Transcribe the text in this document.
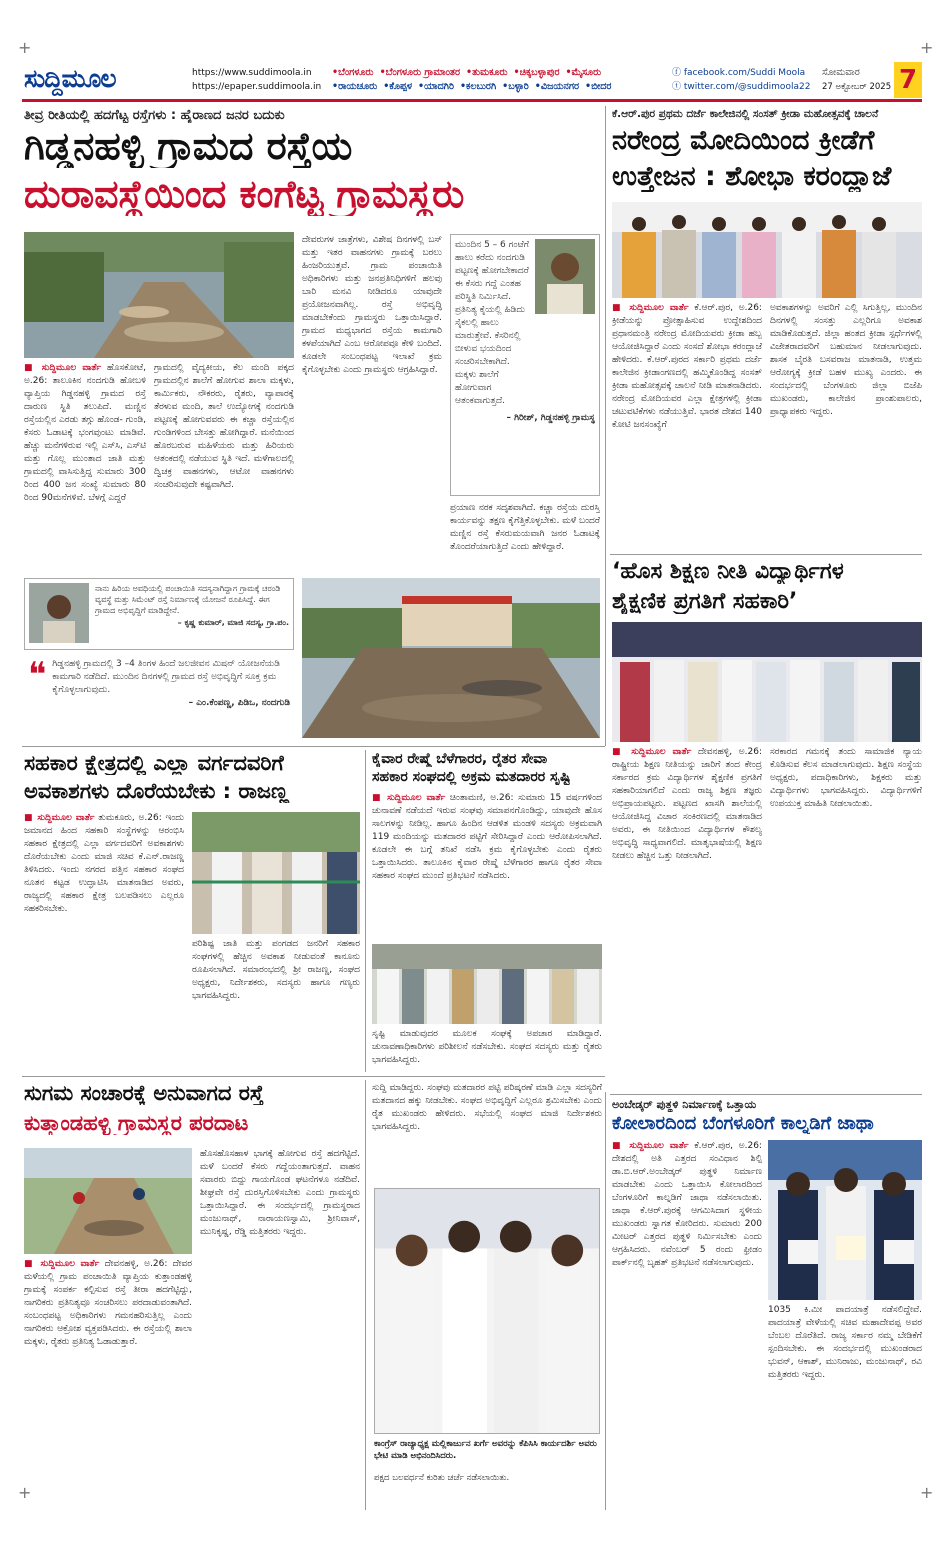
+	+
+	+
ಸುದ್ದಿಮೂಲ	https://www.suddimoola.in
https://epaper.suddimoola.in
•ಬೆಂಗಳೂರು •ಬೆಂಗಳೂರು ಗ್ರಾಮಾಂತರ •ತುಮಕೂರು •ಚಿಕ್ಕಬಳ್ಳಾಪುರ •ಮೈಸೂರು
•ರಾಯಚೂರು •ಕೊಪ್ಪಳ •ಯಾದಗಿರಿ •ಕಲಬುರಗಿ •ಬಳ್ಳಾರಿ •ವಿಜಯನಗರ •ಬೀದರ
ⓕ facebook.com/Suddi Moola
ⓣ twitter.com/@suddimoola22
ಸೋಮವಾರ
27 ಅಕ್ಟೋಬರ್ 2025 7
ತೀವ್ರ ರೀತಿಯಲ್ಲಿ ಹದಗೆಟ್ಟ ರಸ್ತೆಗಳು : ಹೈರಾಣದ ಜನರ ಬದುಕು
ಗಿಡ್ಡನಹಳ್ಳಿ ಗ್ರಾಮದ ರಸ್ತೆಯ
ದುರಾವಸ್ಥೆಯಿಂದ ಕಂಗೆಟ್ಟ ಗ್ರಾಮಸ್ಥರು
■ ಸುದ್ದಿಮೂಲ ವಾರ್ತೆ ಹೊಸಕೋಟೆ, ಅ.26: ತಾಲೂಕಿನ ನಂದಗುಡಿ ಹೋಬಳಿ ವ್ಯಾಪ್ತಿಯ ಗಿಡ್ಡನಹಳ್ಳಿ ಗ್ರಾಮದ ರಸ್ತೆ ದಾರುಣ ಸ್ಥಿತಿ ತಲುಪಿದೆ. ಮಣ್ಣಿನ ರಸ್ತೆಯಲ್ಲಿನ ಎರಡು ತಗ್ಗು ಹೊಂಡ- ಗುಂಡಿ, ಕೆಸರು ಓಡಾಟಕ್ಕೆ ಭಂಗವುಂಟು ಮಾಡಿವೆ. ಹೆಚ್ಚು ಮನೆಗಳಿರುವ ಇಲ್ಲಿ ಎಸ್‌ಸಿ, ಎಸ್‌ಟಿ ಮತ್ತು ಗೊಲ್ಲ ಮುಂತಾದ ಜಾತಿ ಮತ್ತು ಗ್ರಾಮದಲ್ಲಿ ವಾಸಿಸುತ್ತಿದ್ದ ಸುಮಾರು 300 ರಿಂದ 400 ಜನ ಸಂಖ್ಯೆ ಸುಮಾರು 80 ರಿಂದ 90ಮನೆಗಳಿವೆ. ಬೆಳಗ್ಗೆ ಎದ್ದರೆ
ಗ್ರಾಮದಲ್ಲಿ ವೈದ್ಯಕೀಯ, ಕೆಲ ಮಂದಿ ಪಕ್ಕದ ಗ್ರಾಮದಲ್ಲಿನ ಶಾಲೆಗೆ ಹೋಗುವ ಶಾಲಾ ಮಕ್ಕಳು, ಕಾರ್ಮಿಕರು, ನೌಕರರು, ರೈತರು, ವ್ಯಾಪಾರಕ್ಕೆ ತೆರಳುವ ಮಂದಿ, ತಾಲೆ ಉದ್ಯೋಗಕ್ಕೆ ನಂದಗುಡಿ ಪಟ್ಟಣಕ್ಕೆ ಹೋಗುವವರು ಈ ಕಚ್ಚಾ ರಸ್ತೆಯಲ್ಲಿನ ಗುಂಡಿಗಳಿಂದ ಬೇಸತ್ತು ಹೋಗಿದ್ದಾರೆ. ಮನೆಯಿಂದ ಹೊರಬರುವ ಮಹಿಳೆಯರು ಮತ್ತು ಹಿರಿಯರು ಆತಂಕದಲ್ಲಿ ನಡೆಯುವ ಸ್ಥಿತಿ ಇದೆ. ಮಳೆಗಾಲದಲ್ಲಿ ದ್ವಿಚಕ್ರ ವಾಹನಗಳು, ಆಟೋ ವಾಹನಗಳು ಸಂಚರಿಸುವುದೇ ಕಷ್ಟವಾಗಿದೆ.
ದೇವರುಗಳ ಜಾತ್ರೆಗಳು, ವಿಶೇಷ ದಿನಗಳಲ್ಲಿ ಬಸ್ ಮತ್ತು ಇತರ ವಾಹನಗಳು ಗ್ರಾಮಕ್ಕೆ ಬರಲು ಹಿಂಜರಿಯುತ್ತವೆ. ಗ್ರಾಮ ಪಂಚಾಯಿತಿ ಅಧಿಕಾರಿಗಳು ಮತ್ತು ಜನಪ್ರತಿನಿಧಿಗಳಿಗೆ ಹಲವು ಬಾರಿ ಮನವಿ ನೀಡಿದರೂ ಯಾವುದೇ ಪ್ರಯೋಜನವಾಗಿಲ್ಲ. ರಸ್ತೆ ಅಭಿವೃದ್ಧಿ ಮಾಡಬೇಕೆಂದು ಗ್ರಾಮಸ್ಥರು ಒತ್ತಾಯಿಸಿದ್ದಾರೆ. ಗ್ರಾಮದ ಮಧ್ಯಭಾಗದ ರಸ್ತೆಯ ಕಾಮಗಾರಿ ಕಳಪೆಯಾಗಿದೆ ಎಂಬ ಆರೋಪವೂ ಕೇಳಿ ಬಂದಿದೆ. ಕೂಡಲೇ ಸಂಬಂಧಪಟ್ಟ ಇಲಾಖೆ ಕ್ರಮ ಕೈಗೊಳ್ಳಬೇಕು ಎಂದು ಗ್ರಾಮಸ್ಥರು ಆಗ್ರಹಿಸಿದ್ದಾರೆ.
ಮುಂದಿನ 5 – 6 ಗಂಟೆಗೆ ಹಾಲು ಕರೆದು ನಂದಗುಡಿ ಪಟ್ಟಣಕ್ಕೆ ಹೋಗಬೇಕಾದರೆ ಈ ಕೆಸರು ಗದ್ದೆ ಎಂತಹ ಪರಿಸ್ಥಿತಿ ನಿರ್ಮಿಸಿದೆ. ಪ್ರತಿನಿತ್ಯ ಕೈಯಲ್ಲಿ ಹಿಡಿದು ಸೈಕಲಲ್ಲಿ ಹಾಲು ಮಾರುತ್ತೇವೆ. ಕೆಸರಿನಲ್ಲಿ ಬೀಳುವ ಭಯದಿಂದ ಸಂಚರಿಸಬೇಕಾಗಿದೆ. ಮಕ್ಕಳು ಶಾಲೆಗೆ ಹೋಗುವಾಗ ಆತಂಕವಾಗುತ್ತದೆ.
– ಗಿರೀಶ್, ಗಿಡ್ಡನಹಳ್ಳಿ ಗ್ರಾಮಸ್ಥ
ಪ್ರಯಾಣ ನರಕ ಸದೃಶವಾಗಿದೆ. ಕಚ್ಚಾ ರಸ್ತೆಯ ದುರಸ್ತಿ ಕಾರ್ಯವನ್ನು ತಕ್ಷಣ ಕೈಗೆತ್ತಿಕೊಳ್ಳಬೇಕು. ಮಳೆ ಬಂದರೆ ಮಣ್ಣಿನ ರಸ್ತೆ ಕೆಸರುಮಯವಾಗಿ ಜನರ ಓಡಾಟಕ್ಕೆ ತೊಂದರೆಯಾಗುತ್ತಿದೆ ಎಂದು ಹೇಳಿದ್ದಾರೆ.
ನಾನು ಹಿರಿಯ ಅವಧಿಯಲ್ಲಿ ಪಂಚಾಯಿತಿ ಸದಸ್ಯನಾಗಿದ್ದಾಗ ಗ್ರಾಮಕ್ಕೆ ಚರಂಡಿ ವ್ಯವಸ್ಥೆ ಮತ್ತು ಸಿಮೆಂಟ್ ರಸ್ತೆ ನಿರ್ಮಾಣಕ್ಕೆ ಯೋಜನೆ ರೂಪಿಸಿದ್ದೆ. ಈಗ ಗ್ರಾಮದ ಅಭಿವೃದ್ಧಿಗೆ ಮಾಡಿದ್ದೇನೆ.
– ಕೃಷ್ಣ ಕುಮಾರ್, ಮಾಜಿ ಸದಸ್ಯ, ಗ್ರಾ.ಪಂ.
❝ ಗಿಡ್ಡನಹಳ್ಳಿ ಗ್ರಾಮದಲ್ಲಿ 3 –4 ತಿಂಗಳ ಹಿಂದೆ ಜಲಜೀವನ ಮಿಷನ್ ಯೋಜನೆಯಡಿ ಕಾಮಗಾರಿ ನಡೆದಿದೆ. ಮುಂದಿನ ದಿನಗಳಲ್ಲಿ ಗ್ರಾಮದ ರಸ್ತೆ ಅಭಿವೃದ್ಧಿಗೆ ಸೂಕ್ತ ಕ್ರಮ ಕೈಗೊಳ್ಳಲಾಗುವುದು.
– ಎಂ.ಕೆಂಪಣ್ಣ, ಪಿಡಿಒ, ನಂದಗುಡಿ
ಕೆ.ಆರ್.ಪುರ ಪ್ರಥಮ ದರ್ಜೆ ಕಾಲೇಜಿನಲ್ಲಿ ಸಂಸತ್ ಕ್ರೀಡಾ ಮಹೋತ್ಸವಕ್ಕೆ ಚಾಲನೆ
ನರೇಂದ್ರ ಮೋದಿಯಿಂದ ಕ್ರೀಡೆಗೆ
ಉತ್ತೇಜನ : ಶೋಭಾ ಕರಂದ್ಲಾಜೆ
■ ಸುದ್ದಿಮೂಲ ವಾರ್ತೆ ಕೆ.ಆರ್.ಪುರ, ಅ.26: ಕ್ರೀಡೆಯನ್ನು ಪ್ರೋತ್ಸಾಹಿಸುವ ಉದ್ದೇಶದಿಂದ ಪ್ರಧಾನಮಂತ್ರಿ ನರೇಂದ್ರ ಮೋದಿಯವರು ಕ್ರೀಡಾ ಹಬ್ಬ ಆಯೋಜಿಸಿದ್ದಾರೆ ಎಂದು ಸಂಸದೆ ಶೋಭಾ ಕರಂದ್ಲಾಜೆ ಹೇಳಿದರು. ಕೆ.ಆರ್.ಪುರದ ಸರ್ಕಾರಿ ಪ್ರಥಮ ದರ್ಜೆ ಕಾಲೇಜಿನ ಕ್ರೀಡಾಂಗಣದಲ್ಲಿ ಹಮ್ಮಿಕೊಂಡಿದ್ದ ಸಂಸತ್ ಕ್ರೀಡಾ ಮಹೋತ್ಸವಕ್ಕೆ ಚಾಲನೆ ನೀಡಿ ಮಾತನಾಡಿದರು. ನರೇಂದ್ರ ಮೋದಿಯವರ ಎಲ್ಲಾ ಕ್ಷೇತ್ರಗಳಲ್ಲಿ ಕ್ರೀಡಾ ಚಟುವಟಿಕೆಗಳು ನಡೆಯುತ್ತಿವೆ. ಭಾರತ ದೇಶದ 140 ಕೋಟಿ ಜನಸಂಖ್ಯೆಗೆ
ಅವಕಾಶಗಳನ್ನು ಅವರಿಗೆ ಎಲ್ಲಿ ಸಿಗುತ್ತಿಲ್ಲ, ಮುಂದಿನ ದಿನಗಳಲ್ಲಿ ಸಂಸತ್ತು ಎಲ್ಲರಿಗೂ ಅವಕಾಶ ಮಾಡಿಕೊಡುತ್ತದೆ. ಜಿಲ್ಲಾ ಹಂತದ ಕ್ರೀಡಾ ಸ್ಪರ್ಧೆಗಳಲ್ಲಿ ವಿಜೇತರಾದವರಿಗೆ ಬಹುಮಾನ ನೀಡಲಾಗುವುದು. ಶಾಸಕ ಬೈರತಿ ಬಸವರಾಜ ಮಾತನಾಡಿ, ಉತ್ತಮ ಆರೋಗ್ಯಕ್ಕೆ ಕ್ರೀಡೆ ಬಹಳ ಮುಖ್ಯ ಎಂದರು. ಈ ಸಂದರ್ಭದಲ್ಲಿ ಬೆಂಗಳೂರು ಜಿಲ್ಲಾ ಬಿಜೆಪಿ ಮುಖಂಡರು, ಕಾಲೇಜಿನ ಪ್ರಾಂಶುಪಾಲರು, ಪ್ರಾಧ್ಯಾಪಕರು ಇದ್ದರು.
‘ಹೊಸ ಶಿಕ್ಷಣ ನೀತಿ ವಿದ್ಯಾರ್ಥಿಗಳ
ಶೈಕ್ಷಣಿಕ ಪ್ರಗತಿಗೆ ಸಹಕಾರಿ’
■ ಸುದ್ದಿಮೂಲ ವಾರ್ತೆ ದೇವನಹಳ್ಳಿ, ಅ.26: ರಾಷ್ಟ್ರೀಯ ಶಿಕ್ಷಣ ನೀತಿಯನ್ನು ಜಾರಿಗೆ ತಂದ ಕೇಂದ್ರ ಸರ್ಕಾರದ ಕ್ರಮ ವಿದ್ಯಾರ್ಥಿಗಳ ಶೈಕ್ಷಣಿಕ ಪ್ರಗತಿಗೆ ಸಹಕಾರಿಯಾಗಲಿದೆ ಎಂದು ರಾಜ್ಯ ಶಿಕ್ಷಣ ತಜ್ಞರು ಅಭಿಪ್ರಾಯಪಟ್ಟರು. ಪಟ್ಟಣದ ಖಾಸಗಿ ಶಾಲೆಯಲ್ಲಿ ಆಯೋಜಿಸಿದ್ದ ವಿಚಾರ ಸಂಕಿರಣದಲ್ಲಿ ಮಾತನಾಡಿದ ಅವರು, ಈ ನೀತಿಯಿಂದ ವಿದ್ಯಾರ್ಥಿಗಳ ಕೌಶಲ್ಯ ಅಭಿವೃದ್ಧಿ ಸಾಧ್ಯವಾಗಲಿದೆ. ಮಾತೃಭಾಷೆಯಲ್ಲಿ ಶಿಕ್ಷಣ ನೀಡಲು ಹೆಚ್ಚಿನ ಒತ್ತು ನೀಡಲಾಗಿದೆ.
ಸರಕಾರದ ಗಮನಕ್ಕೆ ತಂದು ಸಾಮಾಜಿಕ ನ್ಯಾಯ ಕೊಡಿಸುವ ಕೆಲಸ ಮಾಡಲಾಗುವುದು. ಶಿಕ್ಷಣ ಸಂಸ್ಥೆಯ ಅಧ್ಯಕ್ಷರು, ಪದಾಧಿಕಾರಿಗಳು, ಶಿಕ್ಷಕರು ಮತ್ತು ವಿದ್ಯಾರ್ಥಿಗಳು ಭಾಗವಹಿಸಿದ್ದರು. ವಿದ್ಯಾರ್ಥಿಗಳಿಗೆ ಉಪಯುಕ್ತ ಮಾಹಿತಿ ನೀಡಲಾಯಿತು.
ಸಹಕಾರ ಕ್ಷೇತ್ರದಲ್ಲಿ ಎಲ್ಲಾ ವರ್ಗದವರಿಗೆ
ಅವಕಾಶಗಳು ದೊರೆಯಬೇಕು : ರಾಜಣ್ಣ
■ ಸುದ್ದಿಮೂಲ ವಾರ್ತೆ ತುಮಕೂರು, ಅ.26: ಇಂದು ಜಮಾನದ ಹಿಂದ ಸಹಕಾರಿ ಸಂಸ್ಥೆಗಳನ್ನು ಆರಂಭಿಸಿ ಸಹಕಾರ ಕ್ಷೇತ್ರದಲ್ಲಿ ಎಲ್ಲಾ ವರ್ಗದವರಿಗೆ ಅವಕಾಶಗಳು ದೊರೆಯಬೇಕು ಎಂದು ಮಾಜಿ ಸಚಿವ ಕೆ.ಎನ್.ರಾಜಣ್ಣ ತಿಳಿಸಿದರು. ಇಂದು ನಗರದ ಪತ್ತಿನ ಸಹಕಾರ ಸಂಘದ ನೂತನ ಕಟ್ಟಡ ಉದ್ಘಾಟಿಸಿ ಮಾತನಾಡಿದ ಅವರು, ರಾಜ್ಯದಲ್ಲಿ ಸಹಕಾರ ಕ್ಷೇತ್ರ ಬಲಪಡಿಸಲು ಎಲ್ಲರೂ ಸಹಕರಿಸಬೇಕು.
ಪರಿಶಿಷ್ಟ ಜಾತಿ ಮತ್ತು ಪಂಗಡದ ಜನರಿಗೆ ಸಹಕಾರ ಸಂಘಗಳಲ್ಲಿ ಹೆಚ್ಚಿನ ಅವಕಾಶ ನೀಡುವಂತೆ ಕಾನೂನು ರೂಪಿಸಲಾಗಿದೆ. ಸಮಾರಂಭದಲ್ಲಿ ಶ್ರೀ ರಾಜಣ್ಣ, ಸಂಘದ ಅಧ್ಯಕ್ಷರು, ನಿರ್ದೇಶಕರು, ಸದಸ್ಯರು ಹಾಗೂ ಗಣ್ಯರು ಭಾಗವಹಿಸಿದ್ದರು.
ಕೈವಾರ ರೇಷ್ಮೆ ಬೆಳೆಗಾರರ, ರೈತರ ಸೇವಾ
ಸಹಕಾರ ಸಂಘದಲ್ಲಿ ಅಕ್ರಮ ಮತದಾರರ ಸೃಷ್ಟಿ
■ ಸುದ್ದಿಮೂಲ ವಾರ್ತೆ ಚಿಂತಾಮಣಿ, ಅ.26: ಸುಮಾರು 15 ವರ್ಷಗಳಿಂದ ಚುನಾವಣೆ ನಡೆಯದೆ ಇರುವ ಸಂಘವು ಸಮಾಪನಗೊಂಡಿದ್ದು, ಯಾವುದೇ ಹೊಸ ಸಾಲಗಳನ್ನು ನೀಡಿಲ್ಲ. ಹಾಗೂ ಹಿಂದಿನ ಆಡಳಿತ ಮಂಡಳಿ ಸದಸ್ಯರು ಅಕ್ರಮವಾಗಿ 119 ಮಂದಿಯನ್ನು ಮತದಾರರ ಪಟ್ಟಿಗೆ ಸೇರಿಸಿದ್ದಾರೆ ಎಂದು ಆರೋಪಿಸಲಾಗಿದೆ. ಕೂಡಲೇ ಈ ಬಗ್ಗೆ ತನಿಖೆ ನಡೆಸಿ ಕ್ರಮ ಕೈಗೊಳ್ಳಬೇಕು ಎಂದು ರೈತರು ಒತ್ತಾಯಿಸಿದರು. ತಾಲೂಕಿನ ಕೈವಾರ ರೇಷ್ಮೆ ಬೆಳೆಗಾರರ ಹಾಗೂ ರೈತರ ಸೇವಾ ಸಹಕಾರ ಸಂಘದ ಮುಂದೆ ಪ್ರತಿಭಟನೆ ನಡೆಸಿದರು.
ಸೃಷ್ಟಿ ಮಾಡುವುದರ ಮೂಲಕ ಸಂಘಕ್ಕೆ ಅಪಚಾರ ಮಾಡಿದ್ದಾರೆ. ಚುನಾವಣಾಧಿಕಾರಿಗಳು ಪರಿಶೀಲನೆ ನಡೆಸಬೇಕು. ಸಂಘದ ಸದಸ್ಯರು ಮತ್ತು ರೈತರು ಭಾಗವಹಿಸಿದ್ದರು.
ಸುಗಮ ಸಂಚಾರಕ್ಕೆ ಅನುವಾಗದ ರಸ್ತೆ
ಕುತ್ತಾಂಡಹಳ್ಳಿ ಗ್ರಾಮಸ್ಥರ ಪರದಾಟ
■ ಸುದ್ದಿಮೂಲ ವಾರ್ತೆ ದೇವನಹಳ್ಳಿ, ಅ.26: ದೇವರ ಮಳೆಯಲ್ಲಿ ಗ್ರಾಮ ಪಂಚಾಯಿತಿ ವ್ಯಾಪ್ತಿಯ ಕುತ್ತಾಂಡಹಳ್ಳಿ ಗ್ರಾಮಕ್ಕೆ ಸಂಪರ್ಕ ಕಲ್ಪಿಸುವ ರಸ್ತೆ ತೀರಾ ಹದಗೆಟ್ಟಿದ್ದು, ನಾಗರಿಕರು ಪ್ರತಿನಿತ್ಯವೂ ಸಂಚರಿಸಲು ಪರದಾಡುವಂತಾಗಿದೆ. ಸಂಬಂಧಪಟ್ಟ ಅಧಿಕಾರಿಗಳು ಗಮನಹರಿಸುತ್ತಿಲ್ಲ ಎಂದು ನಾಗರಿಕರು ಆಕ್ರೋಶ ವ್ಯಕ್ತಪಡಿಸಿದರು. ಈ ರಸ್ತೆಯಲ್ಲಿ ಶಾಲಾ ಮಕ್ಕಳು, ರೈತರು ಪ್ರತಿನಿತ್ಯ ಓಡಾಡುತ್ತಾರೆ.
ಹೊಸಹೊಸಹಾಳ ಭಾಗಕ್ಕೆ ಹೋಗುವ ರಸ್ತೆ ಹದಗೆಟ್ಟಿದೆ. ಮಳೆ ಬಂದರೆ ಕೆಸರು ಗದ್ದೆಯಂತಾಗುತ್ತದೆ. ವಾಹನ ಸವಾರರು ಬಿದ್ದು ಗಾಯಗೊಂಡ ಘಟನೆಗಳೂ ನಡೆದಿವೆ. ಶೀಘ್ರವೇ ರಸ್ತೆ ದುರಸ್ತಿಗೊಳಿಸಬೇಕು ಎಂದು ಗ್ರಾಮಸ್ಥರು ಒತ್ತಾಯಿಸಿದ್ದಾರೆ. ಈ ಸಂದರ್ಭದಲ್ಲಿ ಗ್ರಾಮಸ್ಥರಾದ ಮಂಜುನಾಥ್, ನಾರಾಯಣಸ್ವಾಮಿ, ಶ್ರೀನಿವಾಸ್, ಮುನಿಕೃಷ್ಣ, ರೆಡ್ಡಿ ಮತ್ತಿತರರು ಇದ್ದರು.
ಸುದ್ದಿ ಮಾಡಿದ್ದರು. ಸಂಘವು ಮತದಾರರ ಪಟ್ಟಿ ಪರಿಷ್ಕರಣೆ ಮಾಡಿ ಎಲ್ಲಾ ಸದಸ್ಯರಿಗೆ ಮತದಾನದ ಹಕ್ಕು ನೀಡಬೇಕು. ಸಂಘದ ಅಭಿವೃದ್ಧಿಗೆ ಎಲ್ಲರೂ ಶ್ರಮಿಸಬೇಕು ಎಂದು ರೈತ ಮುಖಂಡರು ಹೇಳಿದರು. ಸಭೆಯಲ್ಲಿ ಸಂಘದ ಮಾಜಿ ನಿರ್ದೇಶಕರು ಭಾಗವಹಿಸಿದ್ದರು.
ಕಾಂಗ್ರೆಸ್ ರಾಜ್ಯಾಧ್ಯಕ್ಷ ಮಲ್ಲಿಕಾರ್ಜುನ ಖರ್ಗೆ ಅವರನ್ನು ಕೆಪಿಸಿಸಿ ಕಾರ್ಯದರ್ಶಿ ಅವರು ಭೇಟಿ ಮಾಡಿ ಅಭಿನಂದಿಸಿದರು.
ಪಕ್ಷದ ಬಲವರ್ಧನೆ ಕುರಿತು ಚರ್ಚೆ ನಡೆಸಲಾಯಿತು.
ಅಂಬೇಡ್ಕರ್ ಪುತ್ಥಳಿ ನಿರ್ಮಾಣಕ್ಕೆ ಒತ್ತಾಯ
ಕೋಲಾರದಿಂದ ಬೆಂಗಳೂರಿಗೆ ಕಾಲ್ನಡಿಗೆ ಜಾಥಾ
■ ಸುದ್ದಿಮೂಲ ವಾರ್ತೆ ಕೆ.ಆರ್.ಪುರ, ಅ.26: ದೇಶದಲ್ಲಿ ಅತಿ ಎತ್ತರದ ಸಂವಿಧಾನ ಶಿಲ್ಪಿ ಡಾ.ಬಿ.ಆರ್.ಅಂಬೇಡ್ಕರ್ ಪುತ್ಥಳಿ ನಿರ್ಮಾಣ ಮಾಡಬೇಕು ಎಂದು ಒತ್ತಾಯಿಸಿ ಕೋಲಾರದಿಂದ ಬೆಂಗಳೂರಿಗೆ ಕಾಲ್ನಡಿಗೆ ಜಾಥಾ ನಡೆಸಲಾಯಿತು. ಜಾಥಾ ಕೆ.ಆರ್.ಪುರಕ್ಕೆ ಆಗಮಿಸಿದಾಗ ಸ್ಥಳೀಯ ಮುಖಂಡರು ಸ್ವಾಗತ ಕೋರಿದರು. ಸುಮಾರು 200 ಮೀಟರ್ ಎತ್ತರದ ಪುತ್ಥಳಿ ನಿರ್ಮಿಸಬೇಕು ಎಂದು ಆಗ್ರಹಿಸಿದರು. ನವೆಂಬರ್ 5 ರಂದು ಫ್ರೀಡಂ ಪಾರ್ಕ್‌ನಲ್ಲಿ ಬೃಹತ್ ಪ್ರತಿಭಟನೆ ನಡೆಸಲಾಗುವುದು.
1035 ಕಿ.ಮೀ ಪಾದಯಾತ್ರೆ ನಡೆಸಲಿದ್ದೇವೆ. ಪಾದಯಾತ್ರೆ ವೇಳೆಯಲ್ಲಿ ಸಚಿವ ಮಹಾದೇವಪ್ಪ ಅವರ ಬೆಂಬಲ ದೊರೆತಿದೆ. ರಾಜ್ಯ ಸರ್ಕಾರ ನಮ್ಮ ಬೇಡಿಕೆಗೆ ಸ್ಪಂದಿಸಬೇಕು. ಈ ಸಂದರ್ಭದಲ್ಲಿ ಮುಖಂಡರಾದ ಭುವನ್, ಆಕಾಶ್, ಮುನಿರಾಜು, ಮಂಜುನಾಥ್, ರವಿ ಮತ್ತಿತರರು ಇದ್ದರು.
